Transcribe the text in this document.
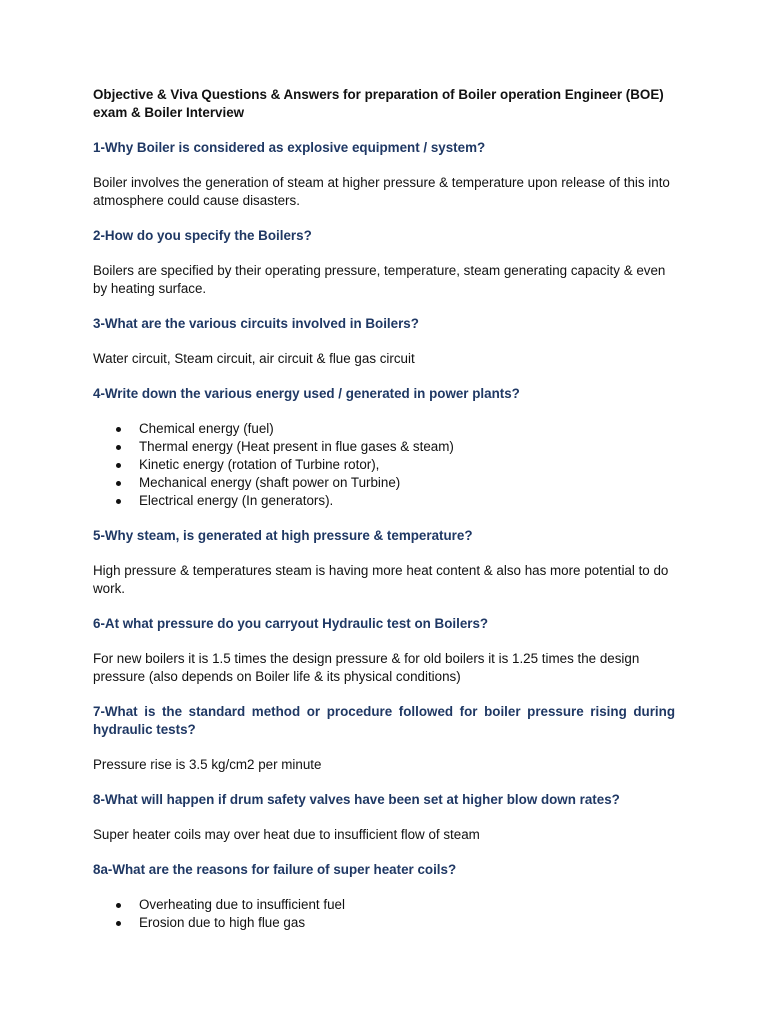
Objective & Viva Questions & Answers for preparation of Boiler operation Engineer (BOE) exam & Boiler Interview

1-Why Boiler is considered as explosive equipment / system?

Boiler involves the generation of steam at higher pressure & temperature upon release of this into atmosphere could cause disasters.

2-How do you specify the Boilers?

Boilers are specified by their operating pressure, temperature, steam generating capacity & even by heating surface.

3-What are the various circuits involved in Boilers?

Water circuit, Steam circuit, air circuit & flue gas circuit

4-Write down the various energy used / generated in power plants?

Chemical energy (fuel)
Thermal energy (Heat present in flue gases & steam)
Kinetic energy (rotation of Turbine rotor),
Mechanical energy (shaft power on Turbine)
Electrical energy (In generators).

5-Why steam, is generated at high pressure & temperature?

High pressure & temperatures steam is having more heat content & also has more potential to do work.

6-At what pressure do you carryout Hydraulic test on Boilers?

For new boilers it is 1.5 times the design pressure & for old boilers it is 1.25 times the design pressure (also depends on Boiler life & its physical conditions)

7-What is the standard method or procedure followed for boiler pressure rising during hydraulic tests?

Pressure rise is 3.5 kg/cm2 per minute

8-What will happen if drum safety valves have been set at higher blow down rates?

Super heater coils may over heat due to insufficient flow of steam

8a-What are the reasons for failure of super heater coils?

Overheating due to insufficient fuel
Erosion due to high flue gas
